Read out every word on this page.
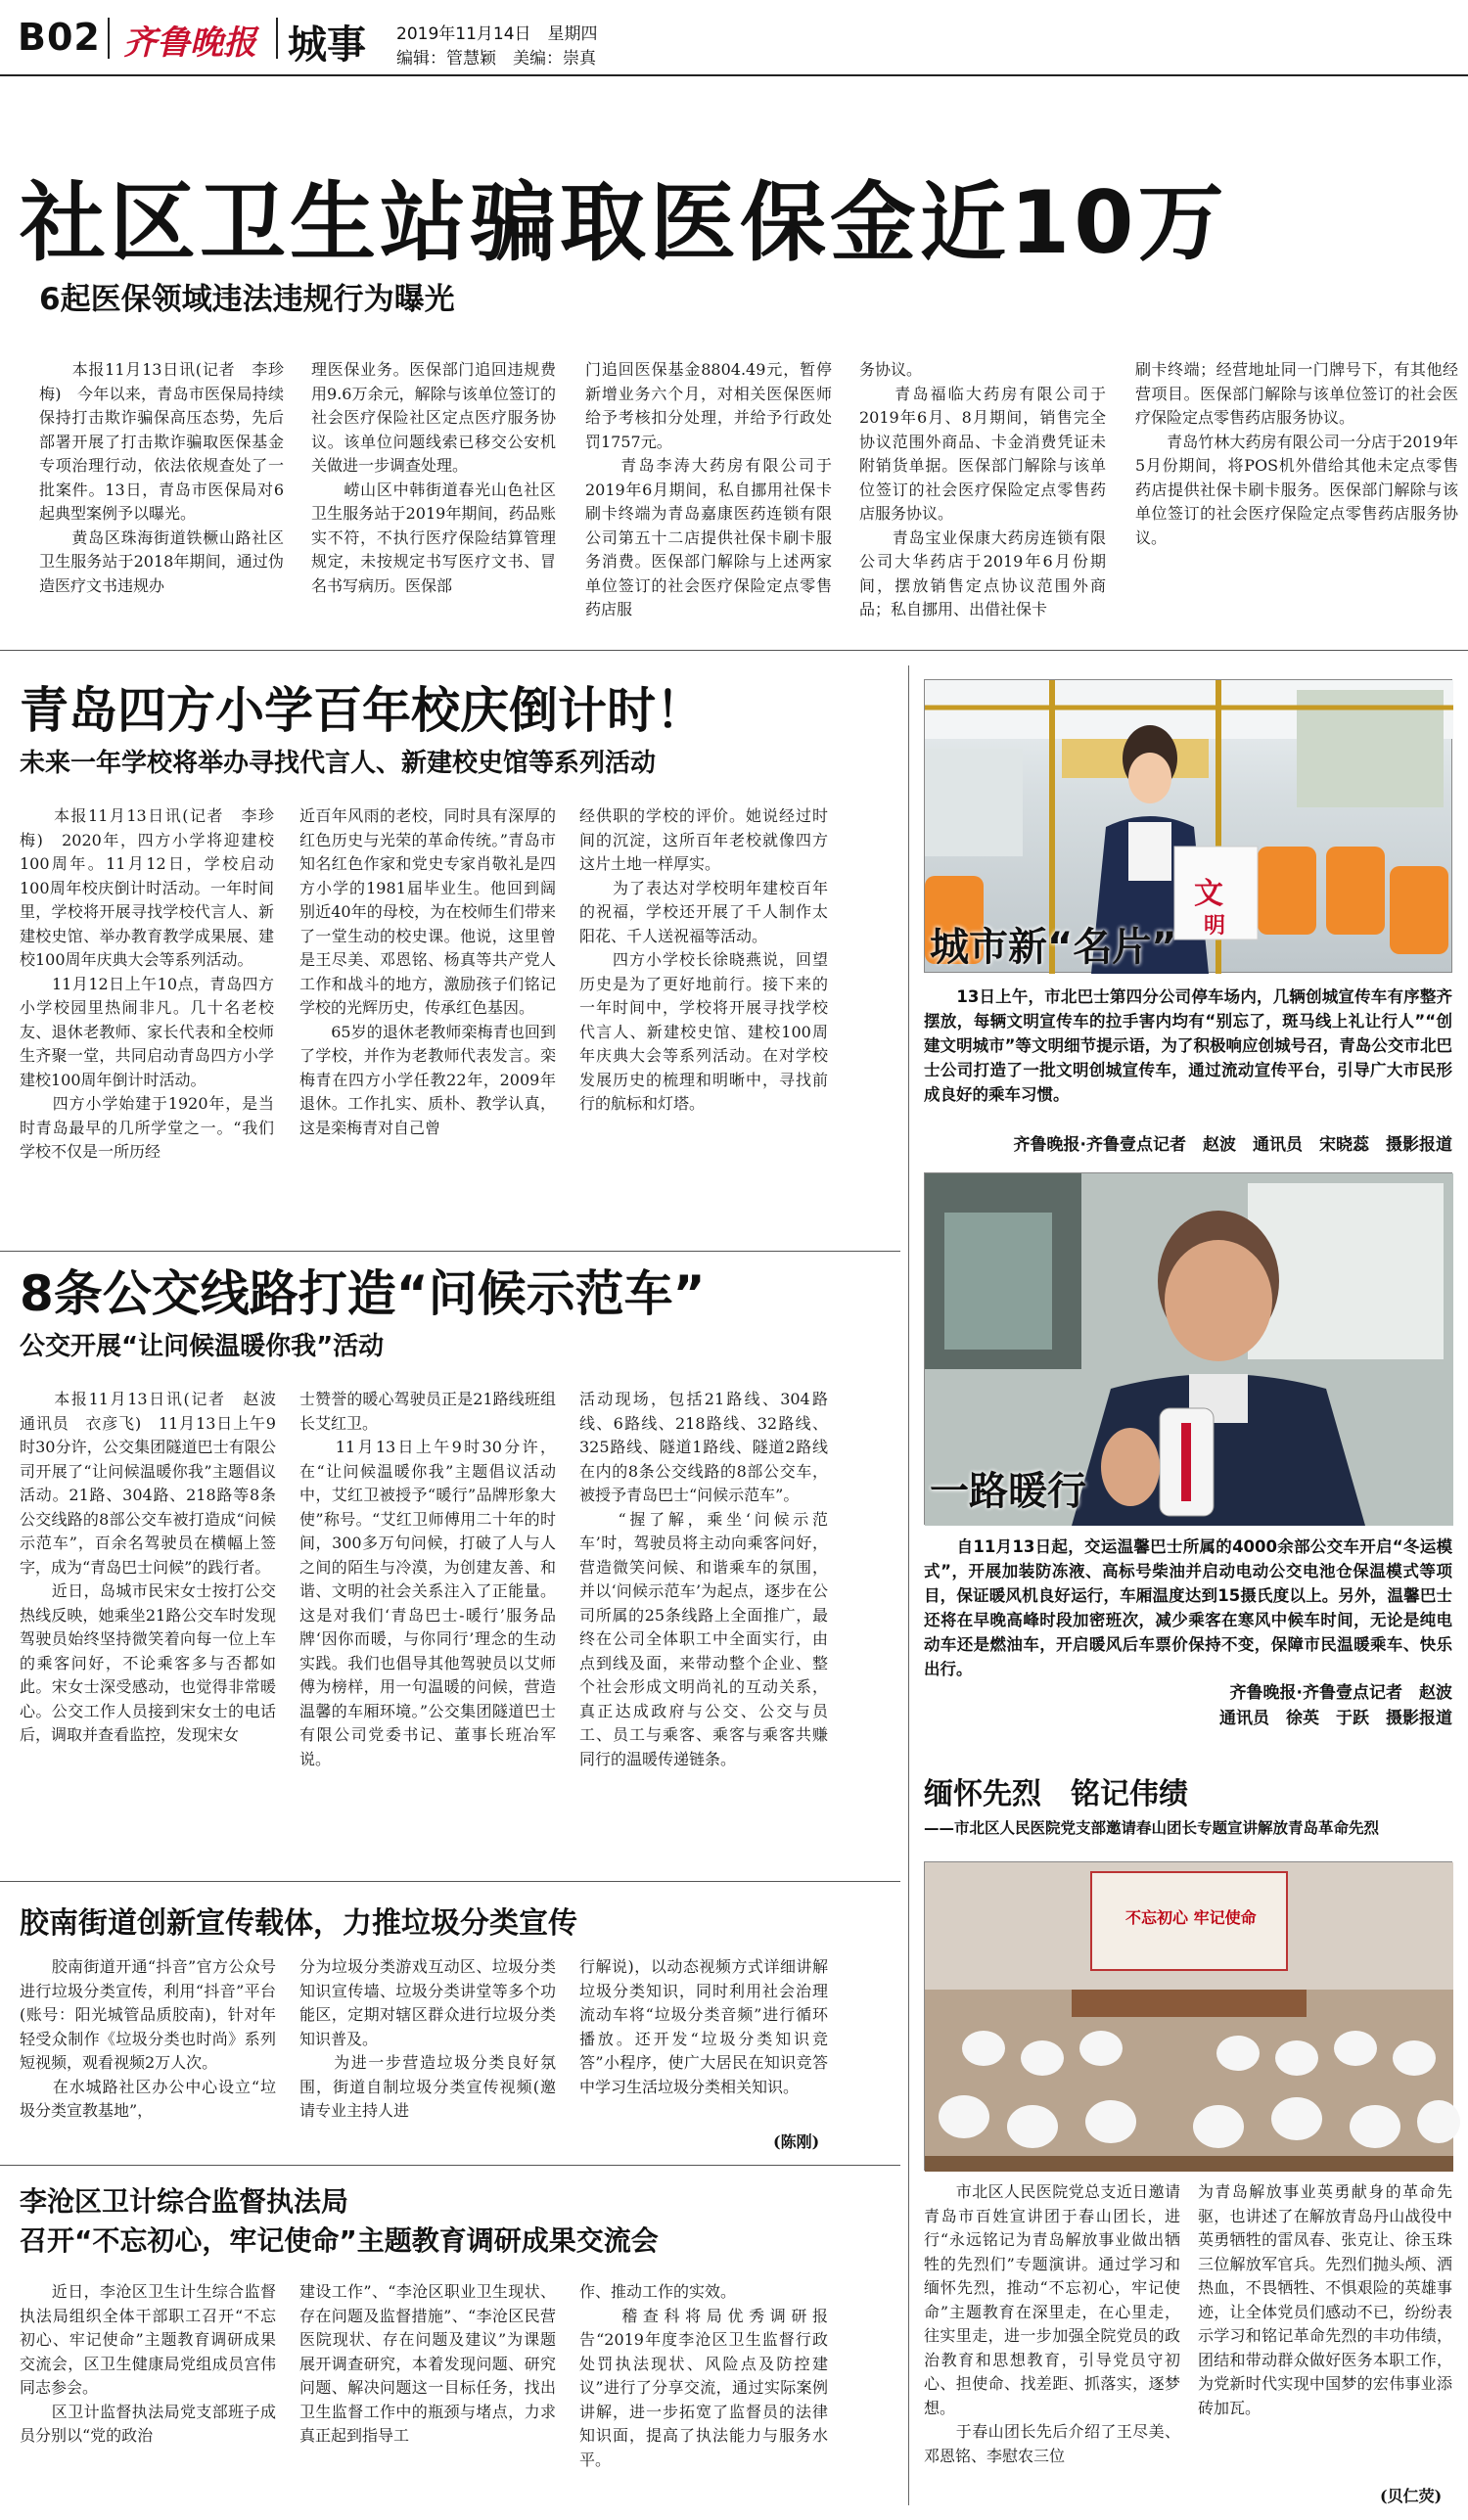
B02 齐鲁晚报 城事 2019年11月14日　星期四
编辑：管慧颖　美编：崇真
社区卫生站骗取医保金近10万
6起医保领域违法违规行为曝光
　　本报11月13日讯(记者　李珍梅)　今年以来，青岛市医保局持续保持打击欺诈骗保高压态势，先后部署开展了打击欺诈骗取医保基金专项治理行动，依法依规查处了一批案件。13日，青岛市医保局对6起典型案例予以曝光。
　　黄岛区珠海街道铁橛山路社区卫生服务站于2018年期间，通过伪造医疗文书违规办
理医保业务。医保部门追回违规费用9.6万余元，解除与该单位签订的社会医疗保险社区定点医疗服务协议。该单位问题线索已移交公安机关做进一步调查处理。
　　崂山区中韩街道春光山色社区卫生服务站于2019年期间，药品账实不符，不执行医疗保险结算管理规定，未按规定书写医疗文书、冒名书写病历。医保部
门追回医保基金8804.49元，暂停新增业务六个月，对相关医保医师给予考核扣分处理，并给予行政处罚1757元。
　　青岛李涛大药房有限公司于2019年6月期间，私自挪用社保卡刷卡终端为青岛嘉康医药连锁有限公司第五十二店提供社保卡刷卡服务消费。医保部门解除与上述两家单位签订的社会医疗保险定点零售药店服
务协议。
　　青岛福临大药房有限公司于2019年6月、8月期间，销售完全协议范围外商品、卡金消费凭证未附销货单据。医保部门解除与该单位签订的社会医疗保险定点零售药店服务协议。
　　青岛宝业保康大药房连锁有限公司大华药店于2019年6月份期间，摆放销售定点协议范围外商品；私自挪用、出借社保卡
刷卡终端；经营地址同一门牌号下，有其他经营项目。医保部门解除与该单位签订的社会医疗保险定点零售药店服务协议。
　　青岛竹林大药房有限公司一分店于2019年5月份期间，将POS机外借给其他未定点零售药店提供社保卡刷卡服务。医保部门解除与该单位签订的社会医疗保险定点零售药店服务协议。
青岛四方小学百年校庆倒计时！
未来一年学校将举办寻找代言人、新建校史馆等系列活动
　　本报11月13日讯(记者　李珍梅)　2020年，四方小学将迎建校100周年。11月12日，学校启动100周年校庆倒计时活动。一年时间里，学校将开展寻找学校代言人、新建校史馆、举办教育教学成果展、建校100周年庆典大会等系列活动。
　　11月12日上午10点，青岛四方小学校园里热闹非凡。几十名老校友、退休老教师、家长代表和全校师生齐聚一堂，共同启动青岛四方小学建校100周年倒计时活动。
　　四方小学始建于1920年，是当时青岛最早的几所学堂之一。“我们学校不仅是一所历经
近百年风雨的老校，同时具有深厚的红色历史与光荣的革命传统。”青岛市知名红色作家和党史专家肖敬礼是四方小学的1981届毕业生。他回到阔别近40年的母校，为在校师生们带来了一堂生动的校史课。他说，这里曾是王尽美、邓恩铭、杨真等共产党人工作和战斗的地方，激励孩子们铭记学校的光辉历史，传承红色基因。
　　65岁的退休老教师栾梅青也回到了学校，并作为老教师代表发言。栾梅青在四方小学任教22年，2009年退休。工作扎实、质朴、教学认真，这是栾梅青对自己曾
经供职的学校的评价。她说经过时间的沉淀，这所百年老校就像四方这片土地一样厚实。
　　为了表达对学校明年建校百年的祝福，学校还开展了千人制作太阳花、千人送祝福等活动。
　　四方小学校长徐晓燕说，回望历史是为了更好地前行。接下来的一年时间中，学校将开展寻找学校代言人、新建校史馆、建校100周年庆典大会等系列活动。在对学校发展历史的梳理和明晰中，寻找前行的航标和灯塔。
8条公交线路打造“问候示范车”
公交开展“让问候温暖你我”活动
　　本报11月13日讯(记者　赵波　通讯员　衣彦飞)　11月13日上午9时30分许，公交集团隧道巴士有限公司开展了“让问候温暖你我”主题倡议活动。21路、304路、218路等8条公交线路的8部公交车被打造成“问候示范车”，百余名驾驶员在横幅上签字，成为“青岛巴士问候”的践行者。
　　近日，岛城市民宋女士按打公交热线反映，她乘坐21路公交车时发现驾驶员始终坚持微笑着向每一位上车的乘客问好，不论乘客多与否都如此。宋女士深受感动，也觉得非常暖心。公交工作人员接到宋女士的电话后，调取并查看监控，发现宋女
士赞誉的暖心驾驶员正是21路线班组长艾红卫。
　　11月13日上午9时30分许，在“让问候温暖你我”主题倡议活动中，艾红卫被授予“暖行”品牌形象大使”称号。“艾红卫师傅用二十年的时间，300多万句问候，打破了人与人之间的陌生与冷漠，为创建友善、和谐、文明的社会关系注入了正能量。这是对我们‘青岛巴士-暖行’服务品牌‘因你而暖，与你同行’理念的生动实践。我们也倡导其他驾驶员以艾师傅为榜样，用一句温暖的问候，营造温馨的车厢环境。”公交集团隧道巴士有限公司党委书记、董事长班冶军说。
活动现场，包括21路线、304路线、6路线、218路线、32路线、325路线、隧道1路线、隧道2路线在内的8条公交线路的8部公交车，被授予青岛巴士“问候示范车”。
　　“握了解，乘坐‘问候示范车’时，驾驶员将主动向乘客问好，营造微笑问候、和谐乘车的氛围，并以‘问候示范车’为起点，逐步在公司所属的25条线路上全面推广，最终在公司全体职工中全面实行，由点到线及面，来带动整个企业、整个社会形成文明尚礼的互动关系，真正达成政府与公交、公交与员工、员工与乘客、乘客与乘客共赚同行的温暖传递链条。
胶南街道创新宣传载体，力推垃圾分类宣传
　　胶南街道开通“抖音”官方公众号进行垃圾分类宣传，利用“抖音”平台(账号：阳光城管品质胶南)，针对年轻受众制作《垃圾分类也时尚》系列短视频，观看视频2万人次。
　　在水城路社区办公中心设立“垃圾分类宣教基地”，
分为垃圾分类游戏互动区、垃圾分类知识宣传墙、垃圾分类讲堂等多个功能区，定期对辖区群众进行垃圾分类知识普及。
　　为进一步营造垃圾分类良好氛围，街道自制垃圾分类宣传视频(邀请专业主持人进
行解说)，以动态视频方式详细讲解垃圾分类知识，同时利用社会治理流动车将“垃圾分类音频”进行循环播放。还开发“垃圾分类知识竞答”小程序，使广大居民在知识竞答中学习生活垃圾分类相关知识。
(陈刚)
李沧区卫计综合监督执法局
召开“不忘初心，牢记使命”主题教育调研成果交流会
　　近日，李沧区卫生计生综合监督执法局组织全体干部职工召开“不忘初心、牢记使命”主题教育调研成果交流会，区卫生健康局党组成员宫伟同志参会。
　　区卫计监督执法局党支部班子成员分别以“党的政治
建设工作”、“李沧区职业卫生现状、存在问题及监督措施”、“李沧区民营医院现状、存在问题及建议”为课题展开调查研究，本着发现问题、研究问题、解决问题这一目标任务，找出卫生监督工作中的瓶颈与堵点，力求真正起到指导工
作、推动工作的实效。
　　稽查科将局优秀调研报告“2019年度李沧区卫生监督行政处罚执法现状、风险点及防控建议”进行了分享交流，通过实际案例讲解，进一步拓宽了监督员的法律知识面，提高了执法能力与服务水平。
文
明
城市新“名片”
　　13日上午，市北巴士第四分公司停车场内，几辆创城宣传车有序整齐摆放，每辆文明宣传车的拉手害内均有“别忘了，斑马线上礼让行人”“创建文明城市”等文明细节提示语，为了积极响应创城号召，青岛公交市北巴士公司打造了一批文明创城宣传车，通过流动宣传平台，引导广大市民形成良好的乘车习惯。
齐鲁晚报·齐鲁壹点记者　赵波　通讯员　宋晓蕊　摄影报道
一路暖行
　　自11月13日起，交运温馨巴士所属的4000余部公交车开启“冬运模式”，开展加装防冻液、高标号柴油并启动电动公交电池仓保温模式等项目，保证暖风机良好运行，车厢温度达到15摄氏度以上。另外，温馨巴士还将在早晚高峰时段加密班次，减少乘客在寒风中候车时间，无论是纯电动车还是燃油车，开启暖风后车票价保持不变，保障市民温暖乘车、快乐出行。
齐鲁晚报·齐鲁壹点记者　赵波
通讯员　徐英　于跃　摄影报道
缅怀先烈　铭记伟绩
——市北区人民医院党支部邀请春山团长专题宣讲解放青岛革命先烈
不忘初心 牢记使命
　　市北区人民医院党总支近日邀请青岛市百姓宣讲团于春山团长，进行“永远铭记为青岛解放事业做出牺牲的先烈们”专题演讲。通过学习和缅怀先烈，推动“不忘初心，牢记使命”主题教育在深里走，在心里走，往实里走，进一步加强全院党员的政治教育和思想教育，引导党员守初心、担使命、找差距、抓落实，逐梦想。
　　于春山团长先后介绍了王尽美、邓恩铭、李慰农三位
为青岛解放事业英勇献身的革命先驱，也讲述了在解放青岛丹山战役中英勇牺牲的雷凤春、张克让、徐玉珠三位解放军官兵。先烈们抛头颅、洒热血，不畏牺牲、不惧艰险的英雄事迹，让全体党员们感动不已，纷纷表示学习和铭记革命先烈的丰功伟绩，团结和带动群众做好医务本职工作，为党新时代实现中国梦的宏伟事业添砖加瓦。
(贝仁荧)
